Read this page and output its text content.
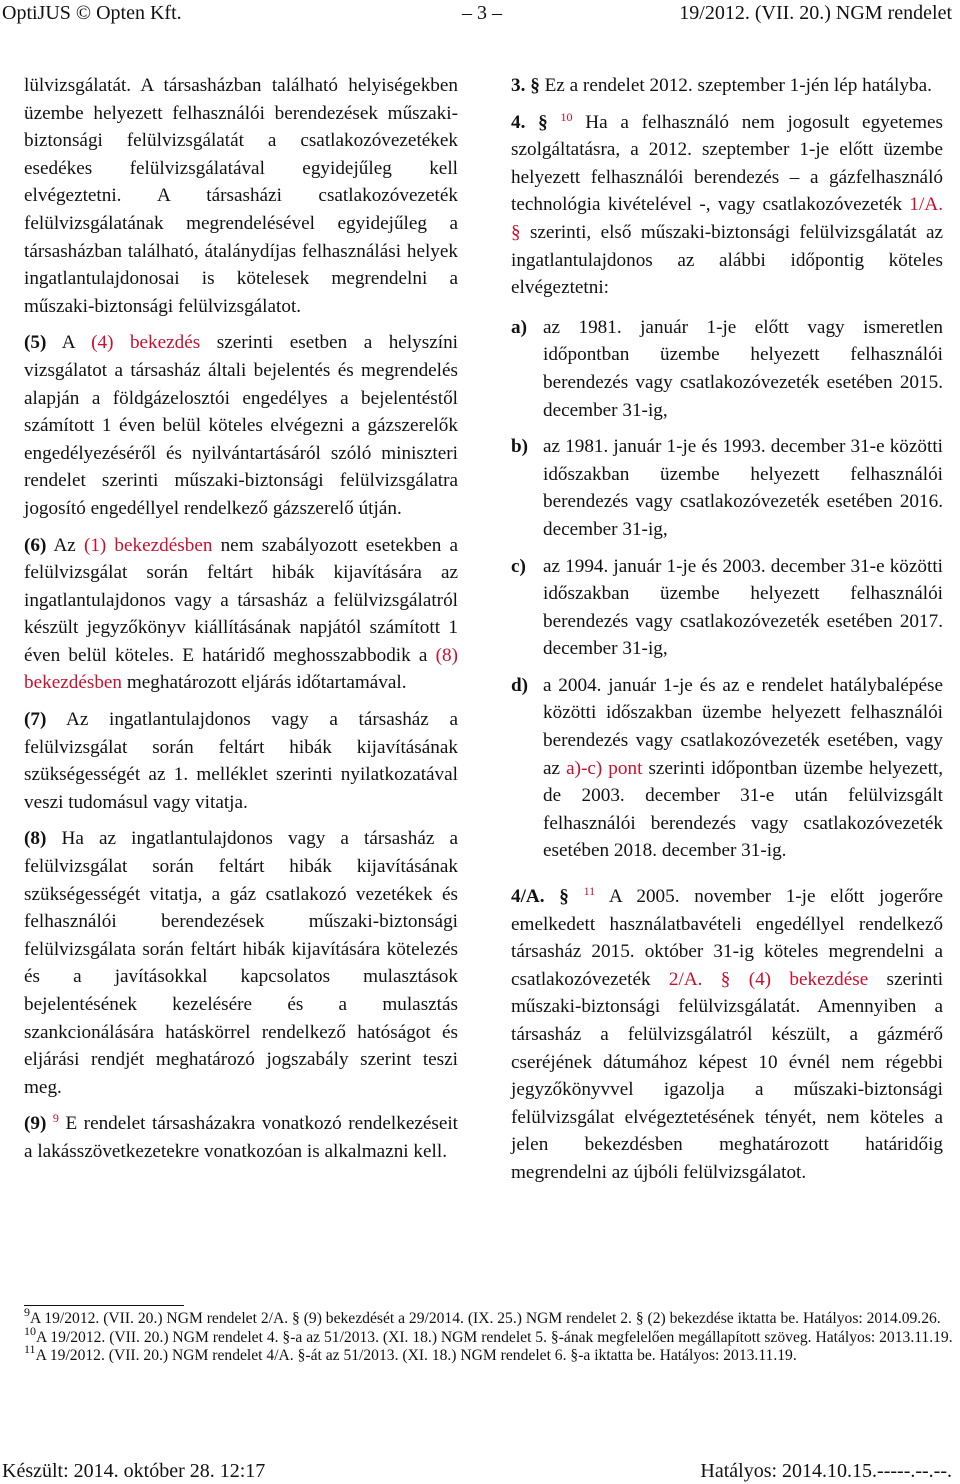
OptiJUS © Opten Kft.	– 3 –	19/2012. (VII. 20.) NGM rendelet

lülvizsgálatát. A társasházban található helyiségekben üzembe helyezett felhasználói berendezések műszaki-biztonsági felülvizsgálatát a csatlakozóvezetékek esedékes felülvizsgálatával egyidejűleg kell elvégeztetni. A társasházi csatlakozóvezeték felülvizsgálatának megrendelésével egyidejűleg a társasházban található, átalánydíjas felhasználási helyek ingatlantulajdonosai is kötelesek megrendelni a műszaki-biztonsági felülvizsgálatot.

(5) A (4) bekezdés szerinti esetben a helyszíni vizsgálatot a társasház általi bejelentés és megrendelés alapján a földgázelosztói engedélyes a bejelentéstől számított 1 éven belül köteles elvégezni a gázszerelők engedélyezéséről és nyilvántartásáról szóló miniszteri rendelet szerinti műszaki-biztonsági felülvizsgálatra jogosító engedéllyel rendelkező gázszerelő útján.

(6) Az (1) bekezdésben nem szabályozott esetekben a felülvizsgálat során feltárt hibák kijavítására az ingatlantulajdonos vagy a társasház a felülvizsgálatról készült jegyzőkönyv kiállításának napjától számított 1 éven belül köteles. E határidő meghosszabbodik a (8) bekezdésben meghatározott eljárás időtartamával.

(7) Az ingatlantulajdonos vagy a társasház a felülvizsgálat során feltárt hibák kijavításának szükségességét az 1. melléklet szerinti nyilatkozatával veszi tudomásul vagy vitatja.

(8) Ha az ingatlantulajdonos vagy a társasház a felülvizsgálat során feltárt hibák kijavításának szükségességét vitatja, a gáz csatlakozó vezetékek és felhasználói berendezések műszaki-biztonsági felülvizsgálata során feltárt hibák kijavítására kötelezés és a javításokkal kapcsolatos mulasztások bejelentésének kezelésére és a mulasztás szankcionálására hatáskörrel rendelkező hatóságot és eljárási rendjét meghatározó jogszabály szerint teszi meg.

(9) $^9$ E rendelet társasházakra vonatkozó rendelkezéseit a lakásszövetkezetekre vonatkozóan is alkalmazni kell.

3. § Ez a rendelet 2012. szeptember 1-jén lép hatályba.

4. § $^{10}$ Ha a felhasználó nem jogosult egyetemes szolgáltatásra, a 2012. szeptember 1-je előtt üzembe helyezett felhasználói berendezés – a gázfelhasználó technológia kivételével -, vagy csatlakozóvezeték 1/A. § szerinti, első műszaki-biztonsági felülvizsgálatát az ingatlantulajdonos az alábbi időpontig köteles elvégeztetni:

a) az 1981. január 1-je előtt vagy ismeretlen időpontban üzembe helyezett felhasználói berendezés vagy csatlakozóvezeték esetében 2015. december 31-ig,
b) az 1981. január 1-je és 1993. december 31-e közötti időszakban üzembe helyezett felhasználói berendezés vagy csatlakozóvezeték esetében 2016. december 31-ig,
c) az 1994. január 1-je és 2003. december 31-e közötti időszakban üzembe helyezett felhasználói berendezés vagy csatlakozóvezeték esetében 2017. december 31-ig,
d) a 2004. január 1-je és az e rendelet hatálybalépése közötti időszakban üzembe helyezett felhasználói berendezés vagy csatlakozóvezeték esetében, vagy az a)-c) pont szerinti időpontban üzembe helyezett, de 2003. december 31-e után felülvizsgált felhasználói berendezés vagy csatlakozóvezeték esetében 2018. december 31-ig.

4/A. § $^{11}$ A 2005. november 1-je előtt jogerőre emelkedett használatbavételi engedéllyel rendelkező társasház 2015. október 31-ig köteles megrendelni a csatlakozóvezeték 2/A. § (4) bekezdése szerinti műszaki-biztonsági felülvizsgálatát. Amennyiben a társasház a felülvizsgálatról készült, a gázmérő cseréjének dátumához képest 10 évnél nem régebbi jegyzőkönyvvel igazolja a műszaki-biztonsági felülvizsgálat elvégeztetésének tényét, nem köteles a jelen bekezdésben meghatározott határidőig megrendelni az újbóli felülvizsgálatot.

$^9$A 19/2012. (VII. 20.) NGM rendelet 2/A. § (9) bekezdését a 29/2014. (IX. 25.) NGM rendelet 2. § (2) bekezdése iktatta be. Hatályos: 2014.09.26.

$^{10}$A 19/2012. (VII. 20.) NGM rendelet 4. §-a az 51/2013. (XI. 18.) NGM rendelet 5. §-ának megfelelően megállapított szöveg. Hatályos: 2013.11.19.

$^{11}$A 19/2012. (VII. 20.) NGM rendelet 4/A. §-át az 51/2013. (XI. 18.) NGM rendelet 6. §-a iktatta be. Hatályos: 2013.11.19.

Készült: 2014. október 28. 12:17	Hatályos: 2014.10.15.-----.--.--.
